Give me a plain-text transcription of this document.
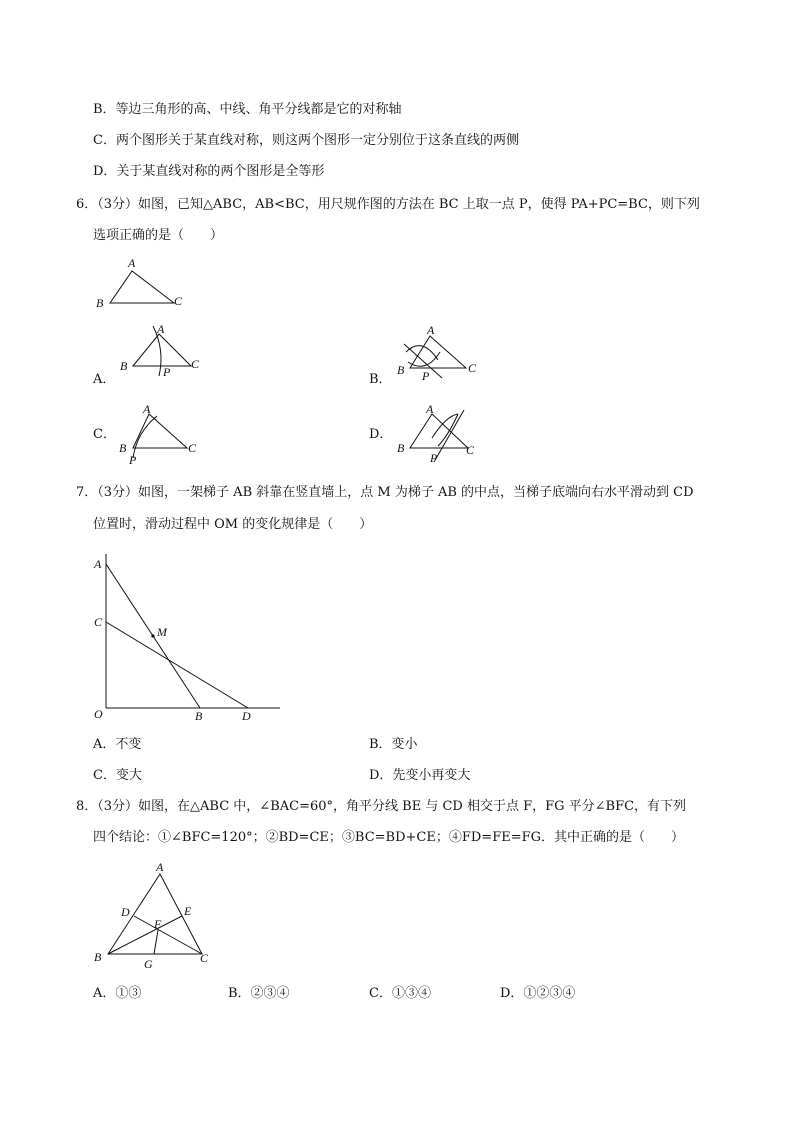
B．等边三角形的高、中线、角平分线都是它的对称轴
C．两个图形关于某直线对称，则这两个图形一定分别位于这条直线的两侧
D．关于某直线对称的两个图形是全等形
6．（3分）如图，已知△ABC，AB<BC，用尺规作图的方法在 BC 上取一点 P，使得 PA+PC=BC，则下列
选项正确的是（　　）
A
B	C
A．
A
B	C
P	B．
A
B	C
P
C．
A
B	C
P
D．
A
B	C
P
7．（3分）如图，一架梯子 AB 斜靠在竖直墙上，点 M 为梯子 AB 的中点，当梯子底端向右水平滑动到 CD
位置时，滑动过程中 OM 的变化规律是（　　）
A
C
M
O	B	D
A．不变	B．变小
C．变大	D．先变小再变大
8．（3分）如图，在△ABC 中，∠BAC=60°，角平分线 BE 与 CD 相交于点 F，FG 平分∠BFC，有下列
四个结论：①∠BFC=120°；②BD=CE；③BC=BD+CE；④FD=FE=FG．其中正确的是（　　）
A
D	E
F
B	G	C
A．①③	B．②③④	C．①③④	D．①②③④
